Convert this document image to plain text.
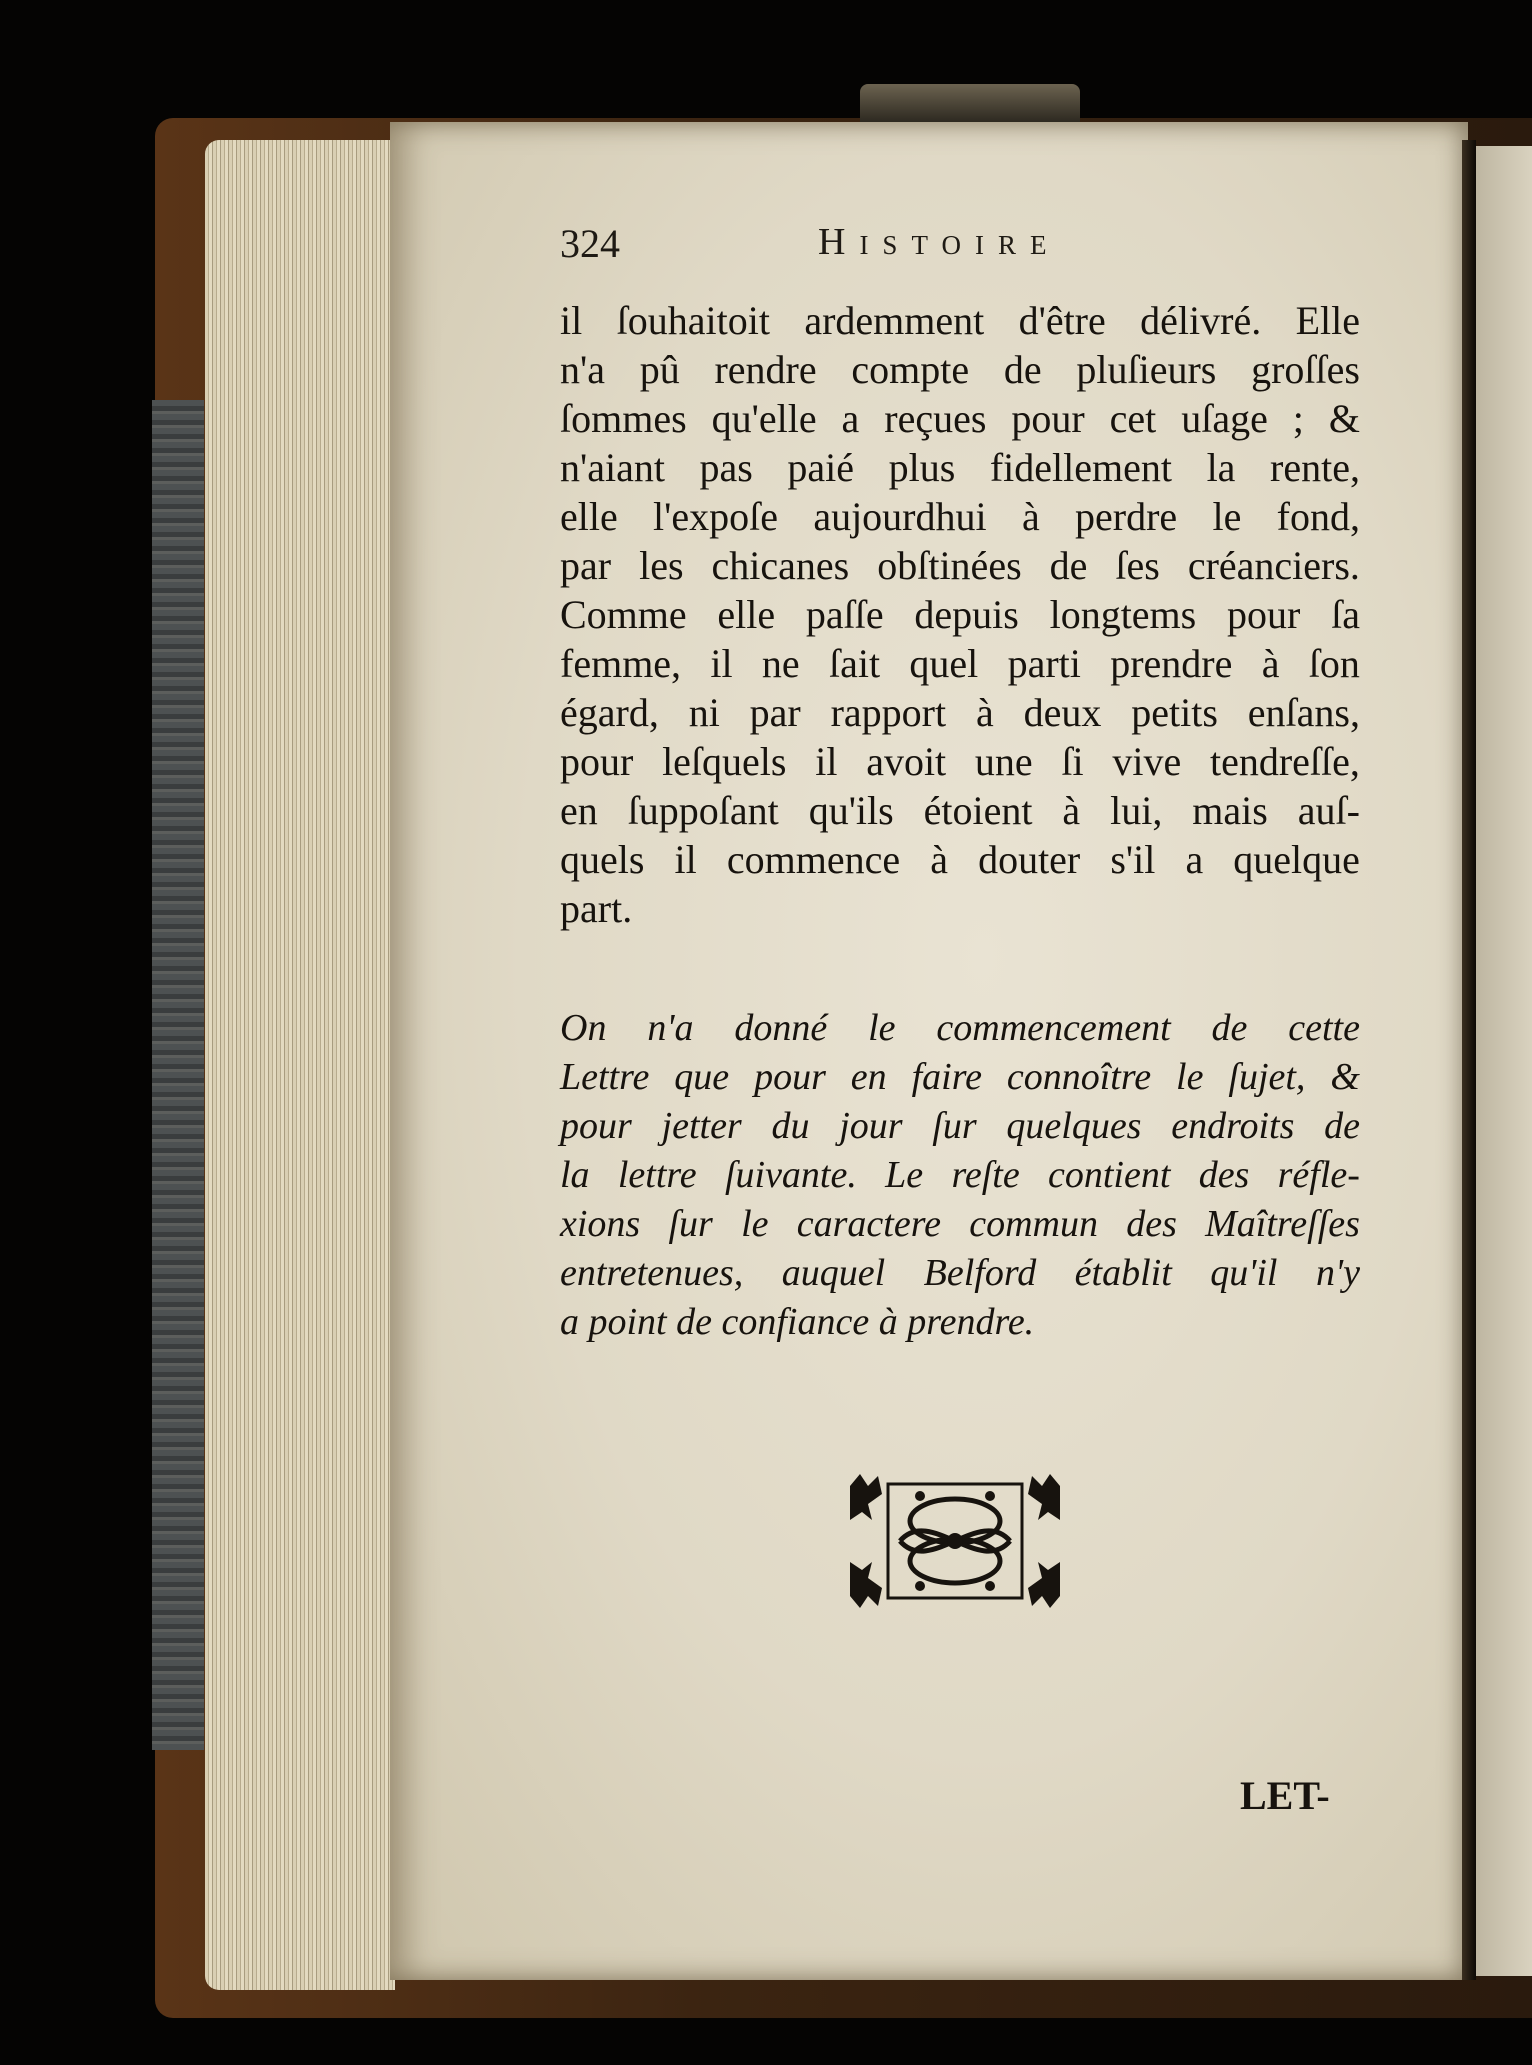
324	Histoire
il ſouhaitoit ardemment d'être délivré. Elle
n'a pû rendre compte de pluſieurs groſſes
ſommes qu'elle a reçues pour cet uſage ; &
n'aiant pas paié plus fidellement la rente,
elle l'expoſe aujourdhui à perdre le fond,
par les chicanes obſtinées de ſes créanciers.
Comme elle paſſe depuis longtems pour ſa
femme, il ne ſait quel parti prendre à ſon
égard, ni par rapport à deux petits enſans,
pour leſquels il avoit une ſi vive tendreſſe,
en ſuppoſant qu'ils étoient à lui, mais auſ-
quels il commence à douter s'il a quelque
part.
On n'a donné le commencement de cette
Lettre que pour en faire connoître le ſujet, &
pour jetter du jour ſur quelques endroits de
la lettre ſuivante. Le reſte contient des réfle-
xions ſur le caractere commun des Maîtreſſes
entretenues, auquel Belford établit qu'il n'y
a point de confiance à prendre.
LET-
